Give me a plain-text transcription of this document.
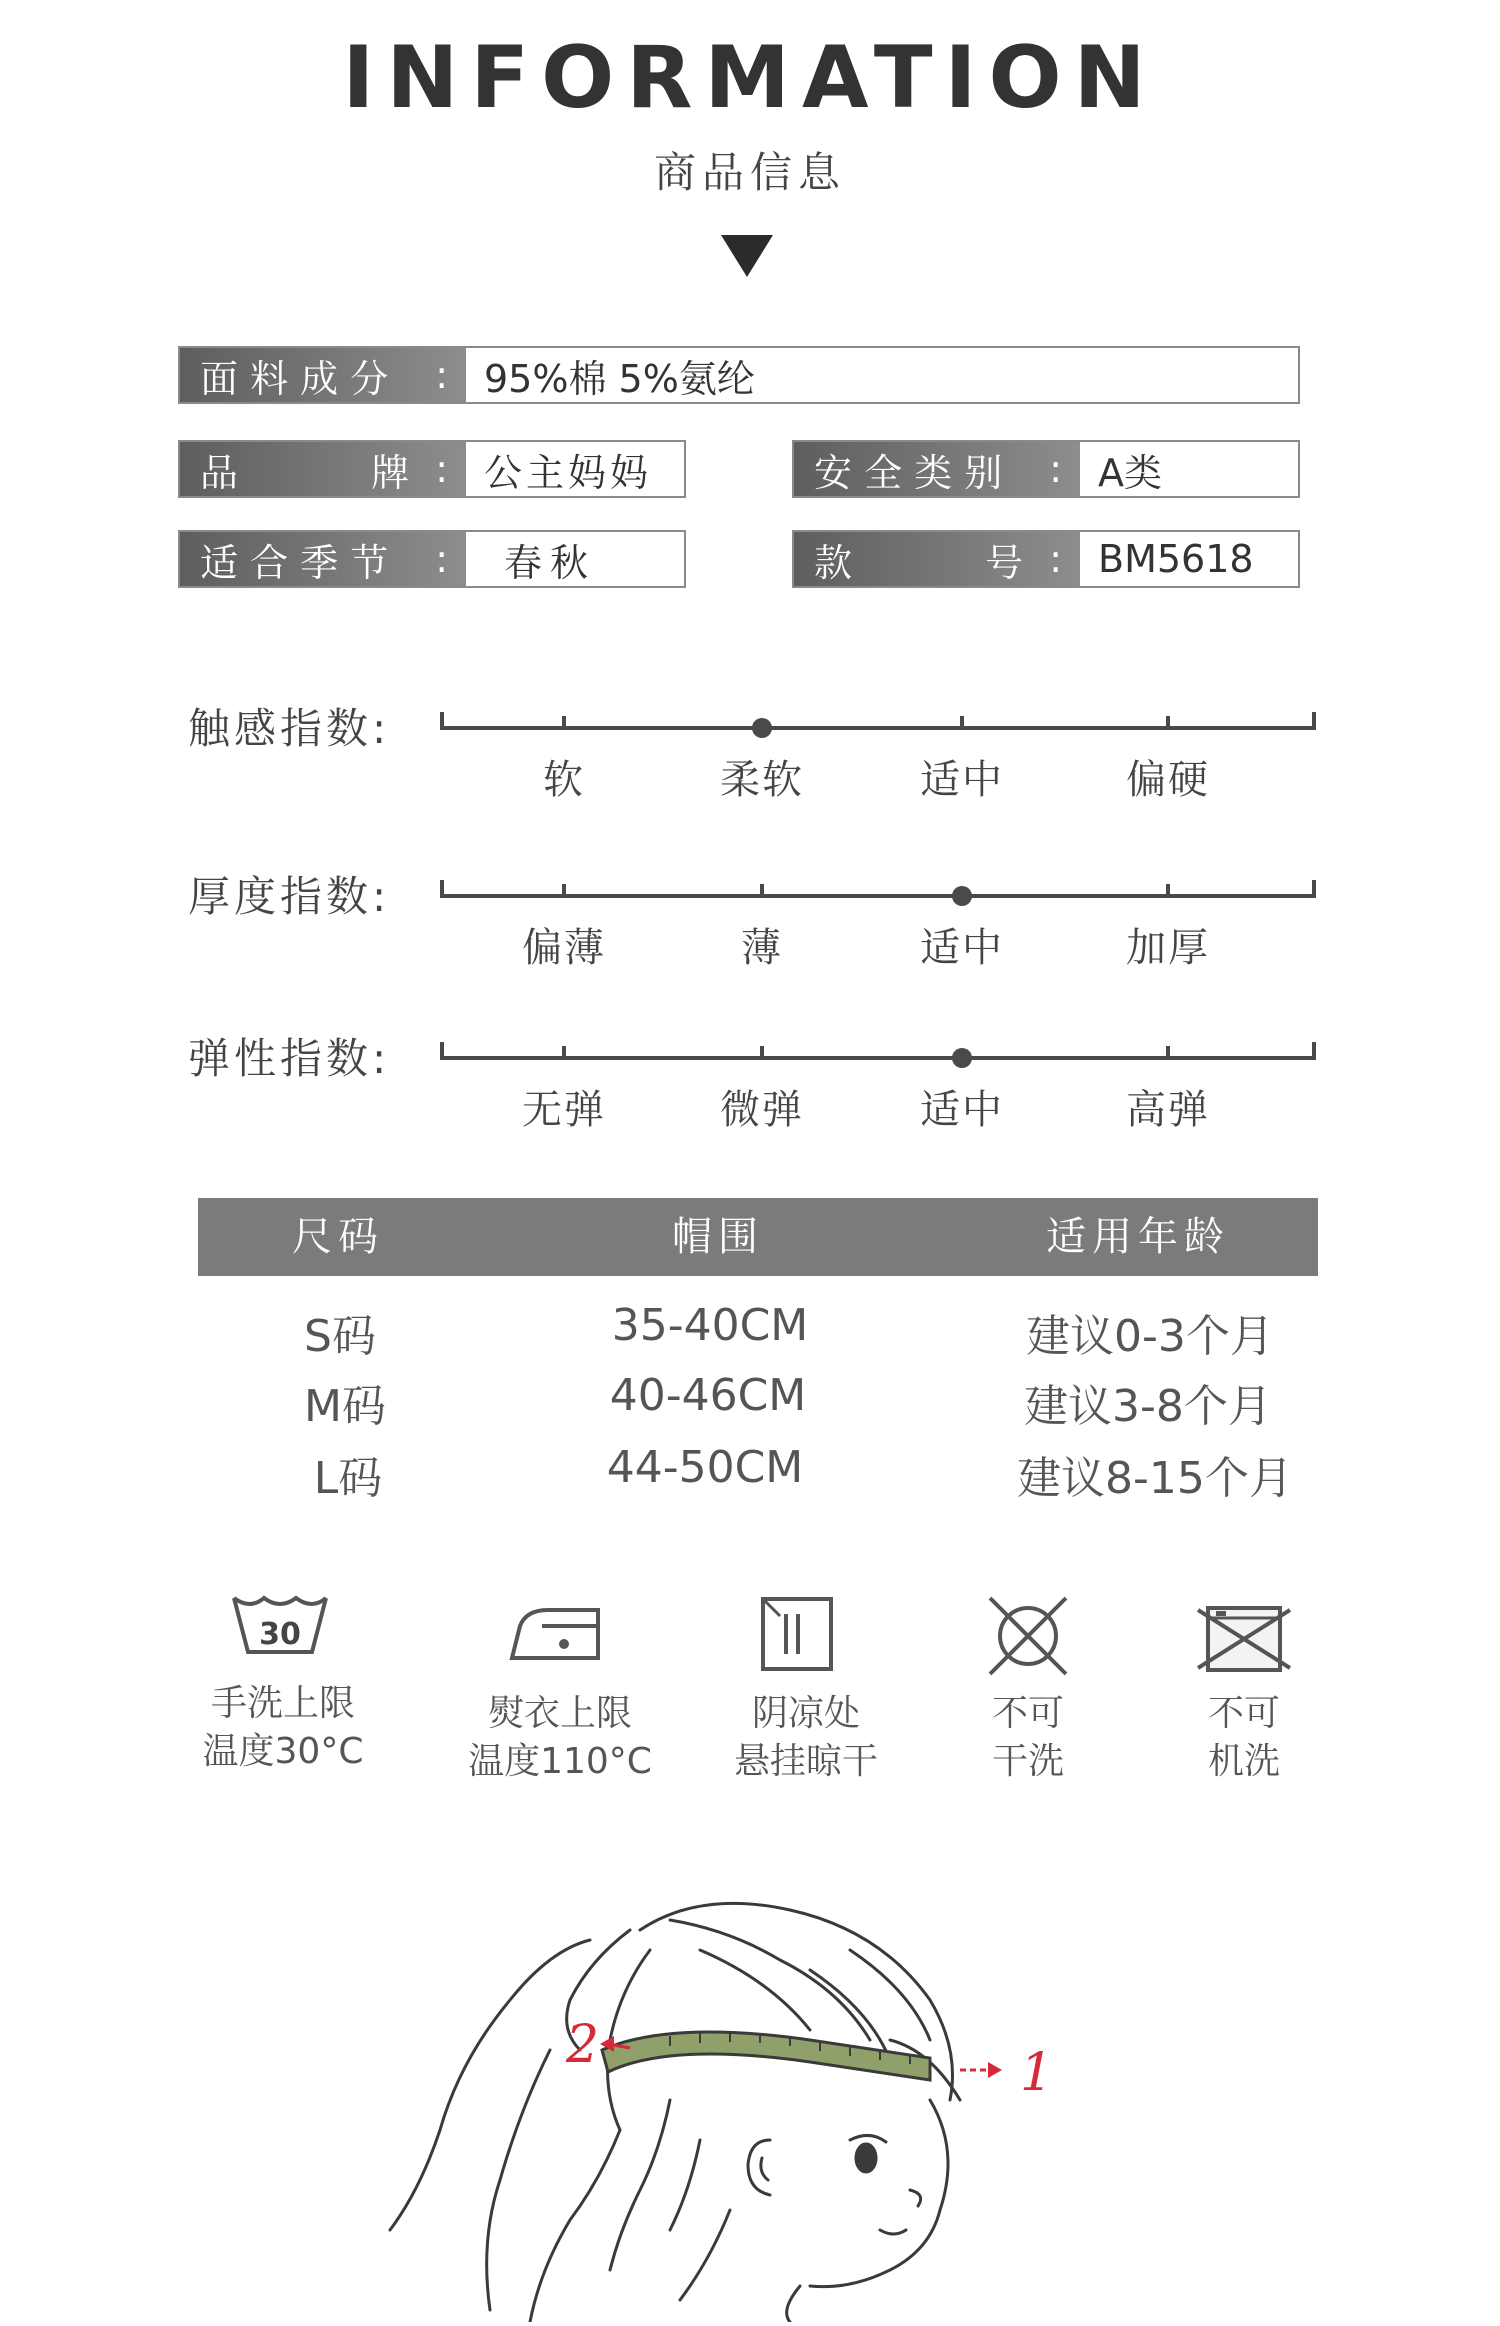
INFORMATION
商品信息
面 料 成 分 : 95%棉 5%氨纶
品	牌 : 公主妈妈	安 全 类 别 : A类
适 合 季 节 :	春秋	款	号 : BM5618
触感指数:
软	柔软	适中	偏硬
厚度指数:
偏薄	薄	适中	加厚
弹性指数:
无弹	微弹	适中	高弹
尺码	帽围	适用年龄
S码	35-40CM	建议0-3个月
M码	40-46CM	建议3-8个月
L码	44-50CM	建议8-15个月
30
手洗上限
温度30°C
熨衣上限
温度110°C
阴凉处
悬挂晾干
不可
干洗
不可
机洗
1
2
